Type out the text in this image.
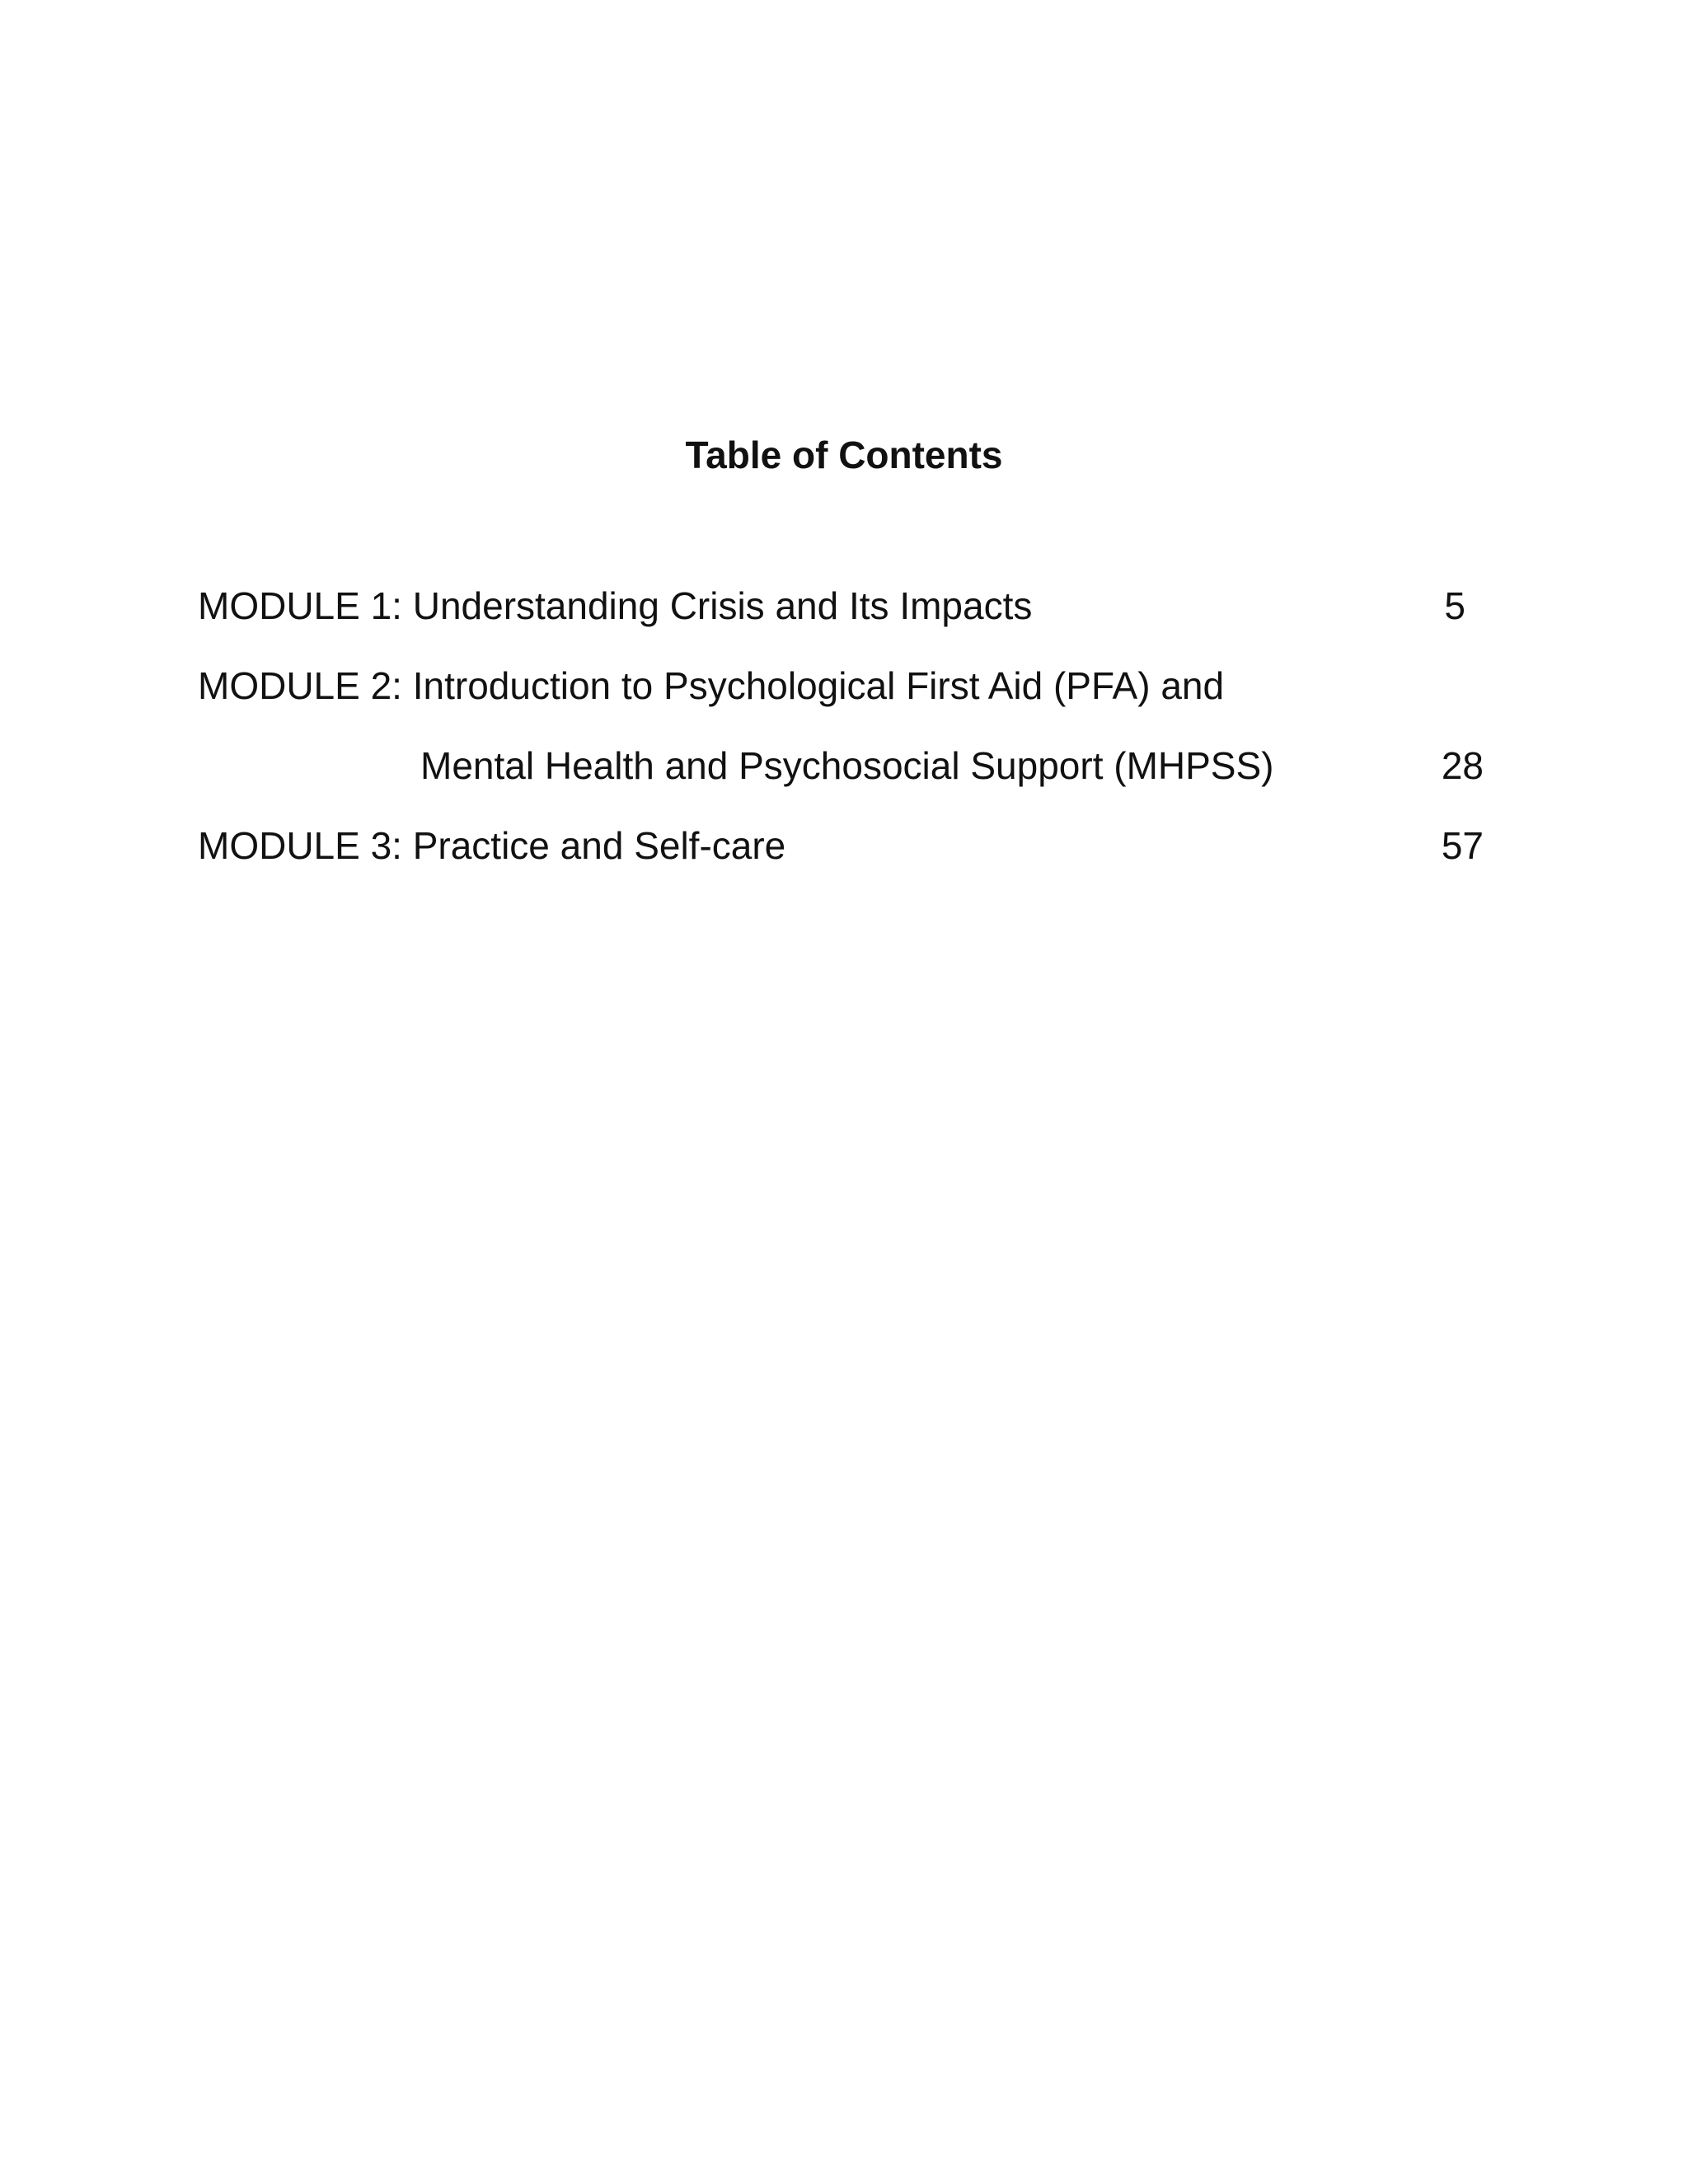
Table of Contents
MODULE 1: Understanding Crisis and Its Impacts	5
MODULE 2: Introduction to Psychological First Aid (PFA) and
Mental Health and Psychosocial Support (MHPSS)	28
MODULE 3: Practice and Self-care	57
